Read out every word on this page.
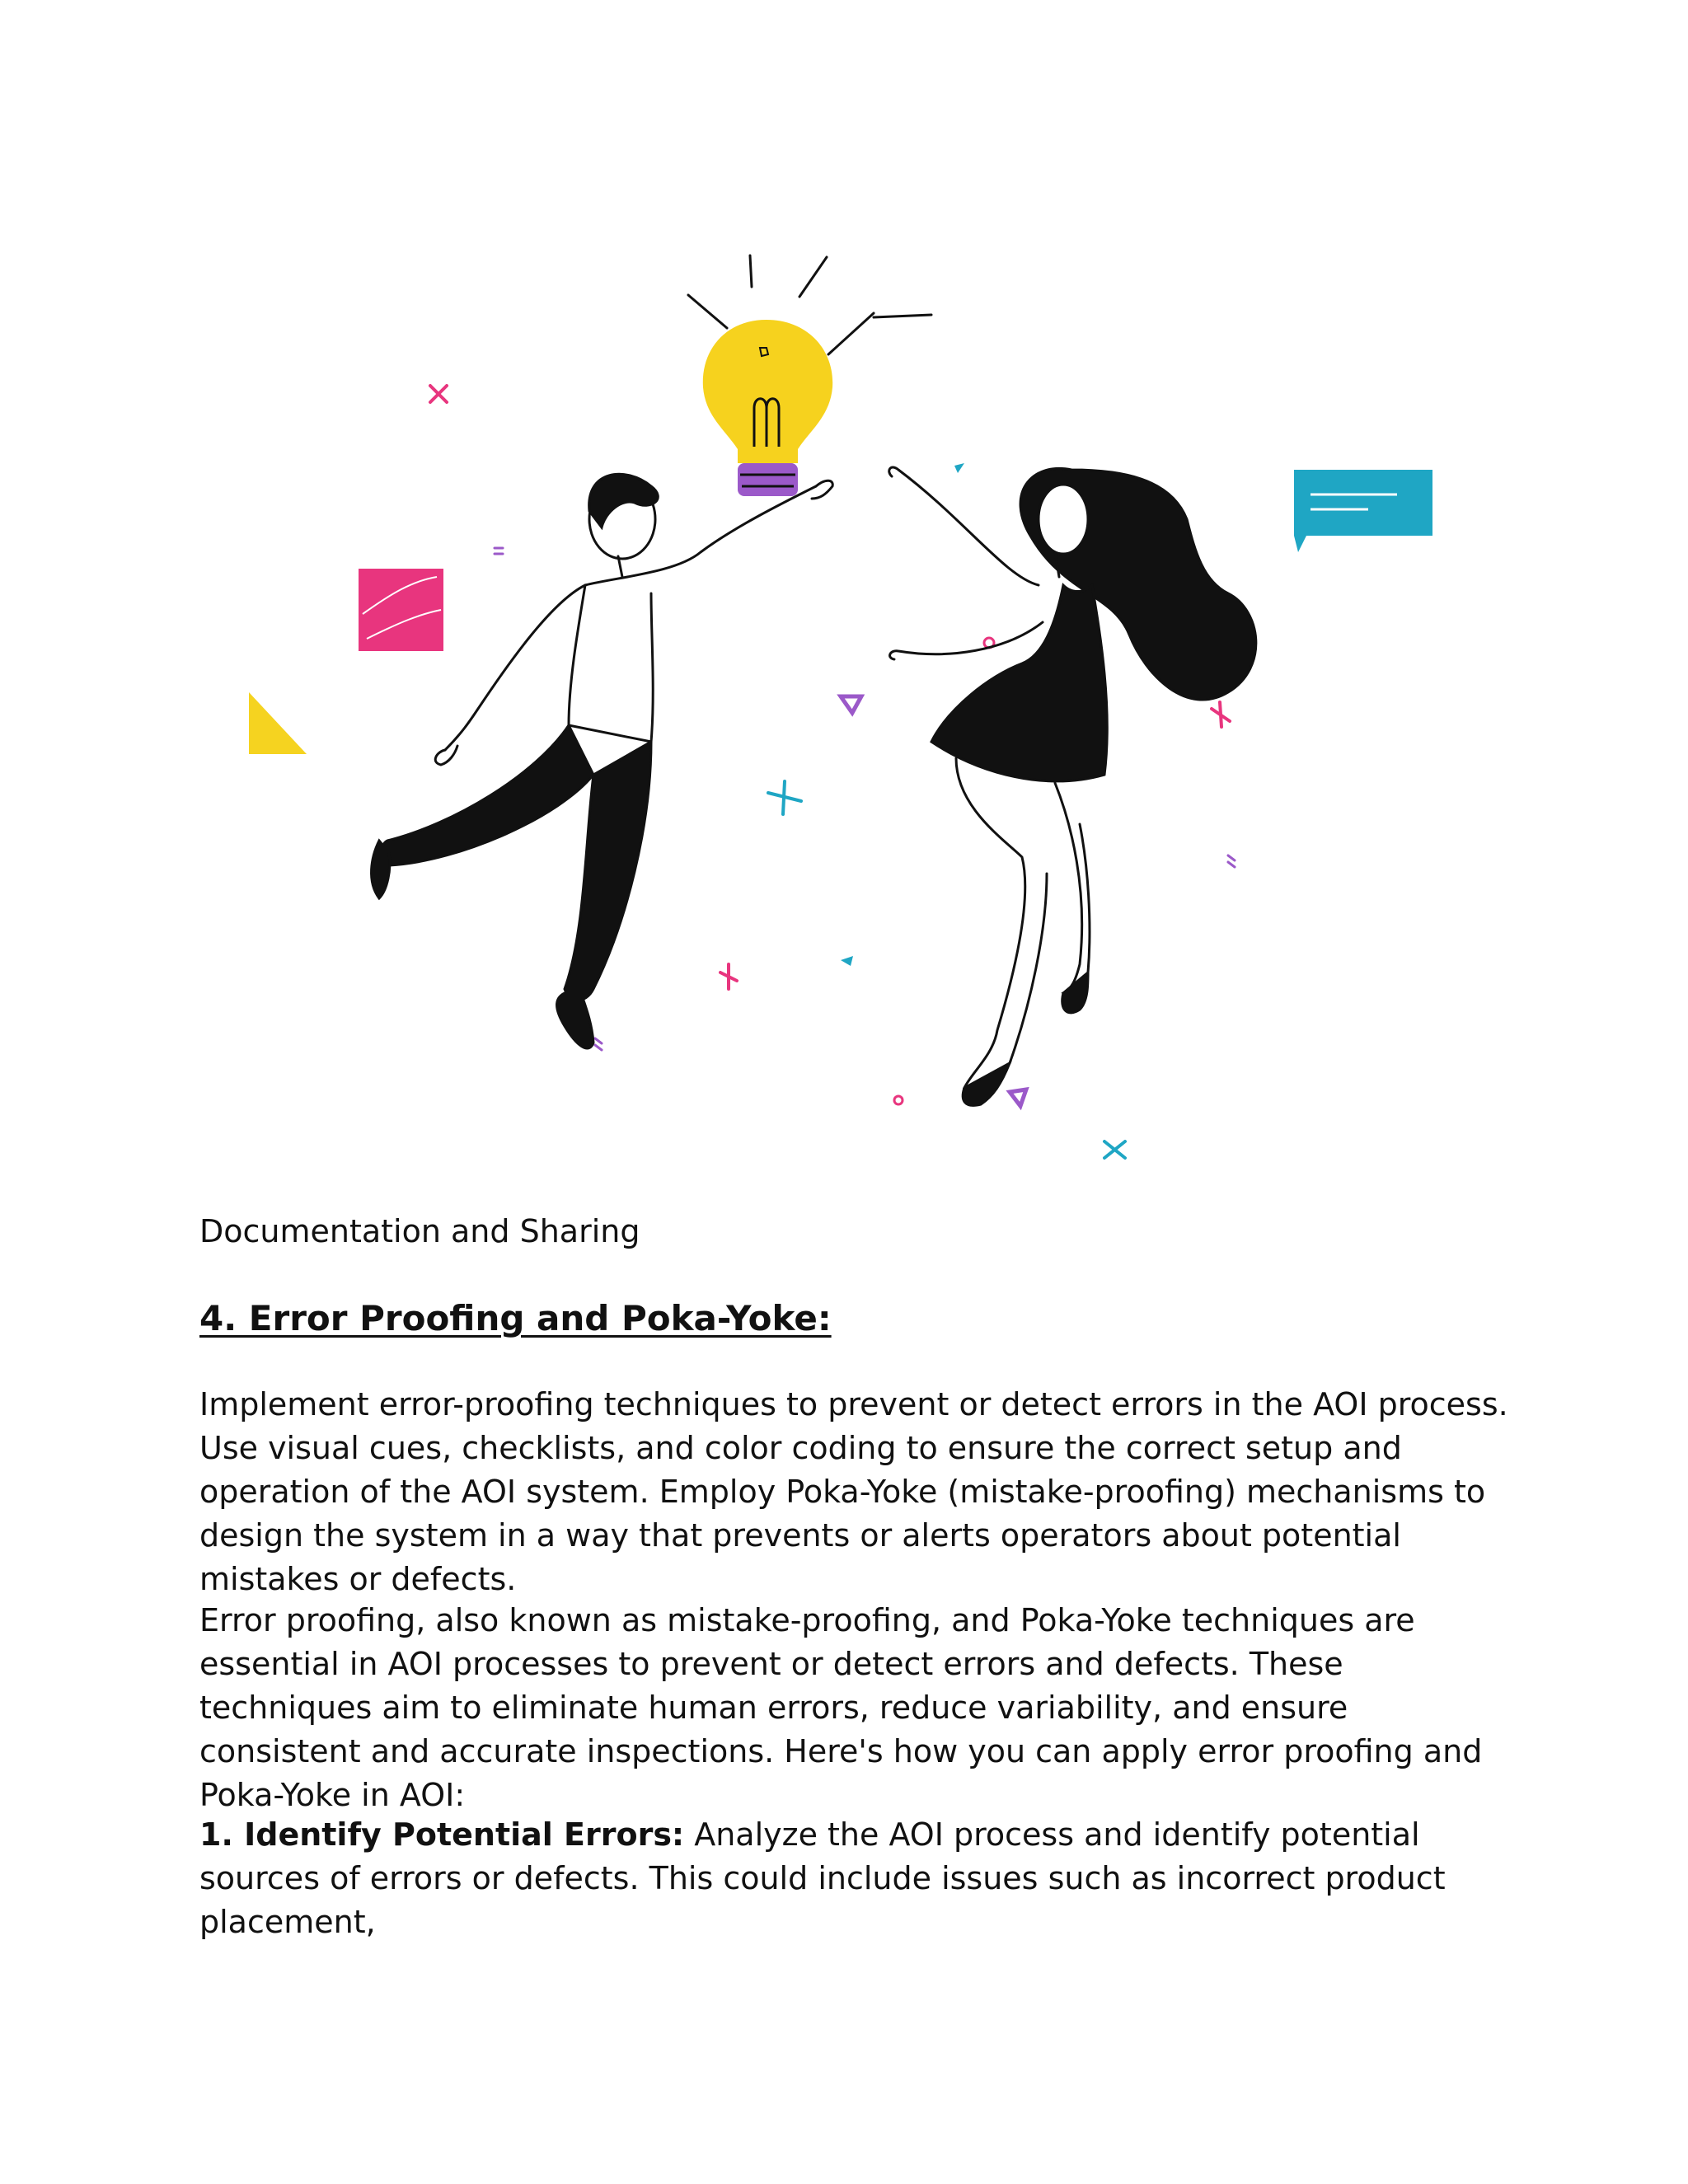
Documentation and Sharing
4. Error Proofing and Poka-Yoke:

Implement error-proofing techniques to prevent or detect errors in the AOI process. Use visual cues, checklists, and color coding to ensure the correct setup and operation of the AOI system. Employ Poka-Yoke (mistake-proofing) mechanisms to design the system in a way that prevents or alerts operators about potential mistakes or defects.

Error proofing, also known as mistake-proofing, and Poka-Yoke techniques are essential in AOI processes to prevent or detect errors and defects. These techniques aim to eliminate human errors, reduce variability, and ensure consistent and accurate inspections. Here's how you can apply error proofing and Poka-Yoke in AOI:

1. Identify Potential Errors: Analyze the AOI process and identify potential sources of errors or defects. This could include issues such as incorrect product placement,
